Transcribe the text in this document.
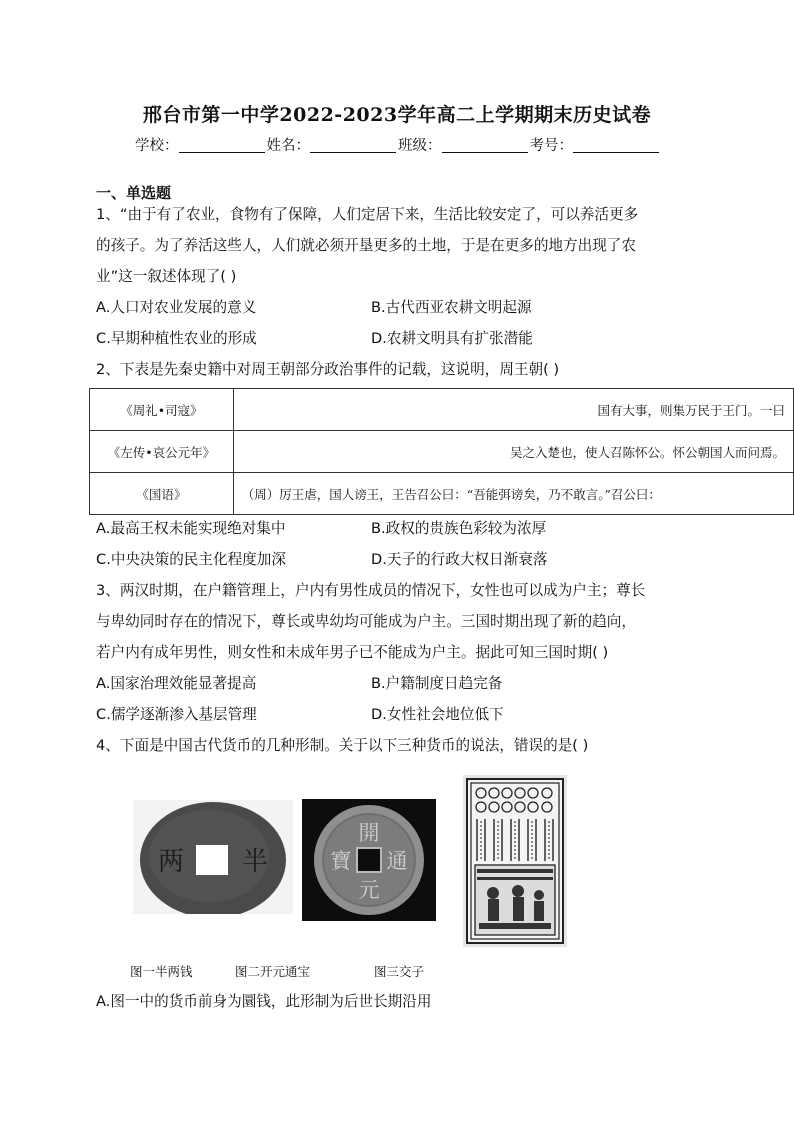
邢台市第一中学2022-2023学年高二上学期期末历史试卷
学校：	姓名：	班级：	考号：
一、单选题
1、“由于有了农业，食物有了保障，人们定居下来，生活比较安定了，可以养活更多
的孩子。为了养活这些人，人们就必须开垦更多的土地，于是在更多的地方出现了农
业”这一叙述体现了( )
A.人口对农业发展的意义	B.古代西亚农耕文明起源
C.早期种植性农业的形成	D.农耕文明具有扩张潜能
2、下表是先秦史籍中对周王朝部分政治事件的记载，这说明，周王朝( )
《周礼•司寇》	国有大事，则集万民于王门。一曰
《左传•哀公元年》	吴之入楚也，使人召陈怀公。怀公朝国人而问焉。
《国语》	（周）厉王虐，国人谤王，王告召公曰：“吾能弭谤矣，乃不敢言。”召公曰：
A.最高王权未能实现绝对集中	B.政权的贵族色彩较为浓厚
C.中央决策的民主化程度加深	D.天子的行政大权日渐衰落
3、两汉时期，在户籍管理上，户内有男性成员的情况下，女性也可以成为户主；尊长
与卑幼同时存在的情况下，尊长或卑幼均可能成为户主。三国时期出现了新的趋向，
若户内有成年男性，则女性和未成年男子已不能成为户主。据此可知三国时期( )
A.国家治理效能显著提高	B.户籍制度日趋完备
C.儒学逐渐渗入基层管理	D.女性社会地位低下
4、下面是中国古代货币的几种形制。关于以下三种货币的说法，错误的是( )
两 半
開
通
元
寶
图一半两钱	图二开元通宝	图三交子
A.图一中的货币前身为圜钱，此形制为后世长期沿用
